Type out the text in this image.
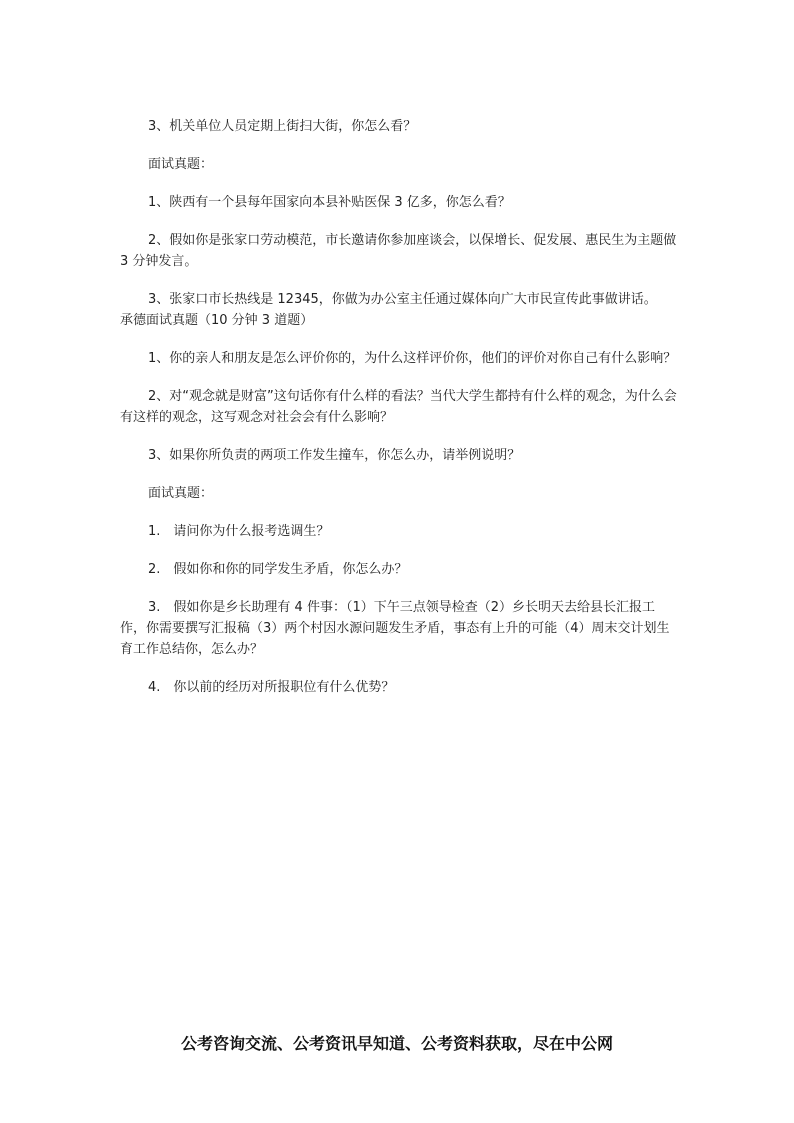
3、机关单位人员定期上街扫大街，你怎么看？

面试真题：

1、陕西有一个县每年国家向本县补贴医保 3 亿多，你怎么看？

2、假如你是张家口劳动模范，市长邀请你参加座谈会，以保增长、促发展、惠民生为主题做 3 分钟发言。

3、张家口市长热线是 12345，你做为办公室主任通过媒体向广大市民宣传此事做讲话。

承德面试真题（10 分钟 3 道题）

1、你的亲人和朋友是怎么评价你的，为什么这样评价你，他们的评价对你自己有什么影响？

2、对“观念就是财富”这句话你有什么样的看法？当代大学生都持有什么样的观念，为什么会有这样的观念，这写观念对社会会有什么影响？

3、如果你所负责的两项工作发生撞车，你怎么办，请举例说明？

面试真题：

1.　请问你为什么报考选调生？

2.　假如你和你的同学发生矛盾，你怎么办？

3.　假如你是乡长助理有 4 件事：（1）下午三点领导检查（2）乡长明天去给县长汇报工作，你需要撰写汇报稿（3）两个村因水源问题发生矛盾，事态有上升的可能（4）周末交计划生育工作总结你，怎么办？

4.　你以前的经历对所报职位有什么优势？

公考咨询交流、公考资讯早知道、公考资料获取，尽在中公网
